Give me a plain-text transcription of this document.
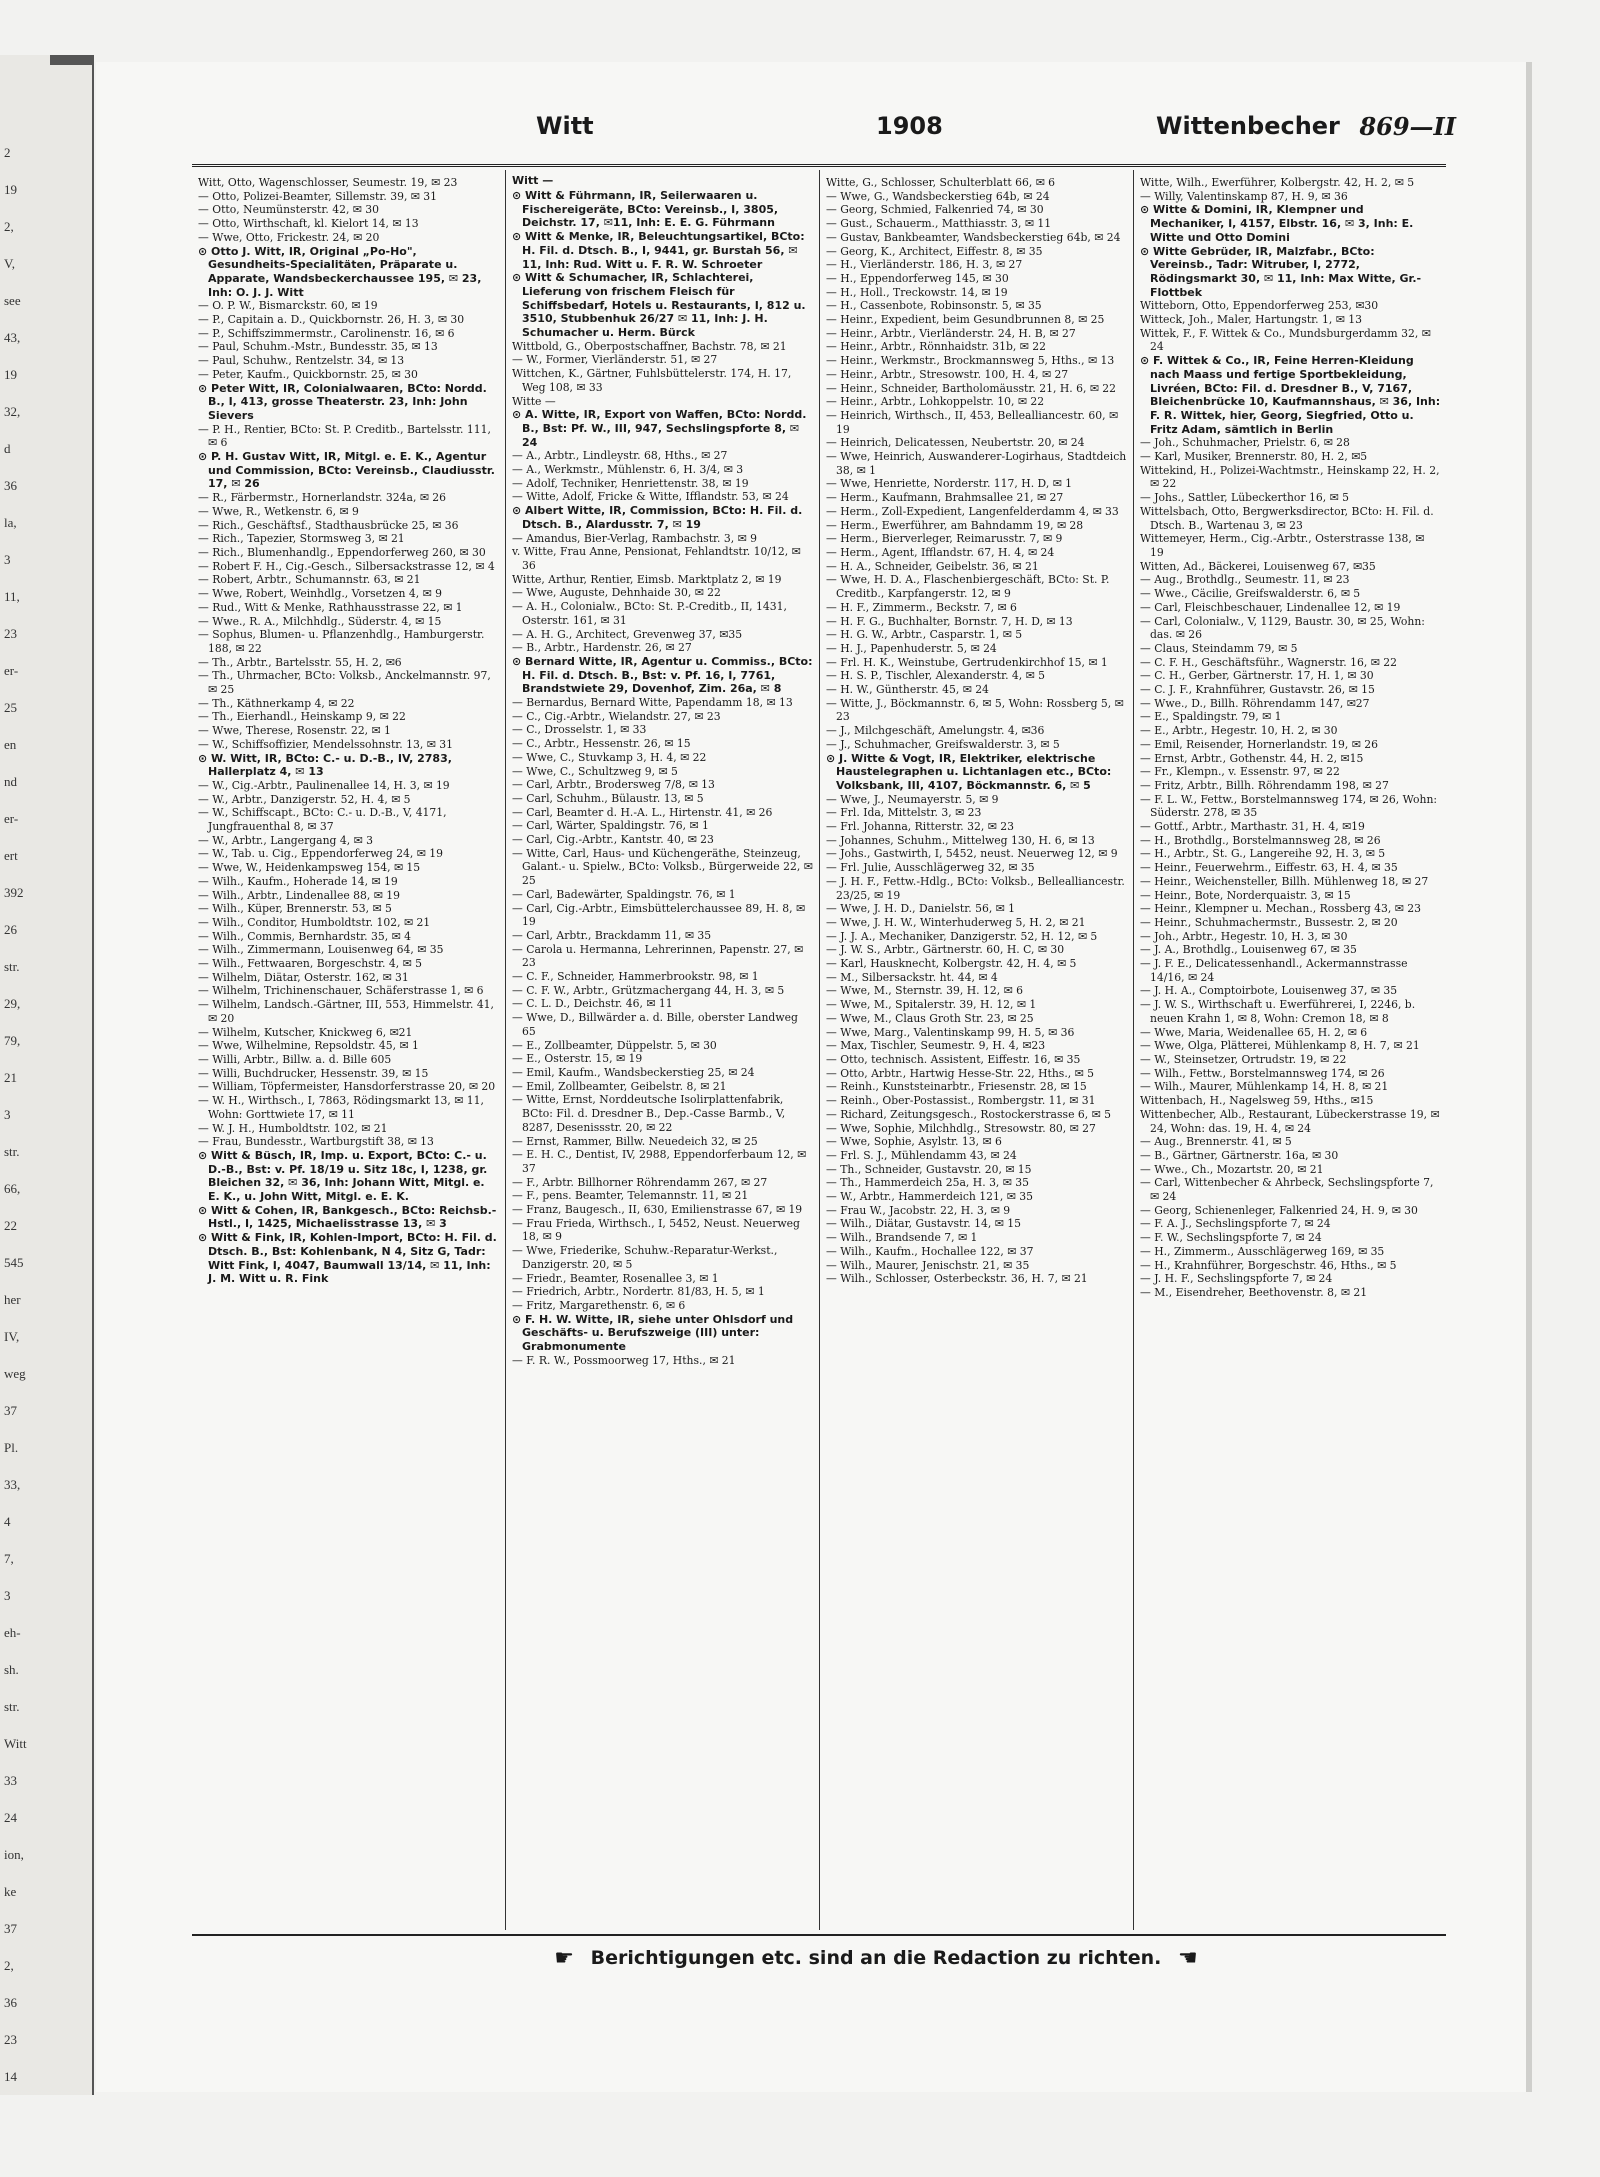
2
19
2,
V,
see
43,
19
32,
d
36
la,
3
11,
23
er-
25
en
nd
er-
ert
392
26
str.
29,
79,
21
3
str.
66,
22
545
her
IV,
weg
37
Pl.
33,
4
7,
3
eh-
sh.
str.
Witt
33
24
ion,
ke
37
2,
36
23
14
Witt	1908	Wittenbecher 869—II

Witt, Otto, Wagenschlosser, Seumestr. 19, ✉ 23

— Otto, Polizei-Beamter, Sillemstr. 39, ✉ 31

— Otto, Neumünsterstr. 42, ✉ 30

— Otto, Wirthschaft, kl. Kielort 14, ✉ 13

— Wwe, Otto, Frickestr. 24, ✉ 20

⊙ Otto J. Witt, IR, Original „Po-Ho", Gesundheits-Specialitäten, Präparate u. Apparate, Wandsbeckerchaussee 195, ✉ 23, Inh: O. J. J. Witt

— O. P. W., Bismarckstr. 60, ✉ 19

— P., Capitain a. D., Quickbornstr. 26, H. 3, ✉ 30

— P., Schiffszimmermstr., Carolinenstr. 16, ✉ 6

— Paul, Schuhm.-Mstr., Bundesstr. 35, ✉ 13

— Paul, Schuhw., Rentzelstr. 34, ✉ 13

— Peter, Kaufm., Quickbornstr. 25, ✉ 30

⊙ Peter Witt, IR, Colonialwaaren, BCto: Nordd. B., I, 413, grosse Theaterstr. 23, Inh: John Sievers

— P. H., Rentier, BCto: St. P. Creditb., Bartelsstr. 111, ✉ 6

⊙ P. H. Gustav Witt, IR, Mitgl. e. E. K., Agentur und Commission, BCto: Vereinsb., Claudiusstr. 17, ✉ 26

— R., Färbermstr., Hornerlandstr. 324a, ✉ 26

— Wwe, R., Wetkenstr. 6, ✉ 9

— Rich., Geschäftsf., Stadthausbrücke 25, ✉ 36

— Rich., Tapezier, Stormsweg 3, ✉ 21

— Rich., Blumenhandlg., Eppendorferweg 260, ✉ 30

— Robert F. H., Cig.-Gesch., Silbersackstrasse 12, ✉ 4

— Robert, Arbtr., Schumannstr. 63, ✉ 21

— Wwe, Robert, Weinhdlg., Vorsetzen 4, ✉ 9

— Rud., Witt & Menke, Rathhausstrasse 22, ✉ 1

— Wwe., R. A., Milchhdlg., Süderstr. 4, ✉ 15

— Sophus, Blumen- u. Pflanzenhdlg., Hamburgerstr. 188, ✉ 22

— Th., Arbtr., Bartelsstr. 55, H. 2, ✉6

— Th., Uhrmacher, BCto: Volksb., Anckelmannstr. 97, ✉ 25

— Th., Käthnerkamp 4, ✉ 22

— Th., Eierhandl., Heinskamp 9, ✉ 22

— Wwe, Therese, Rosenstr. 22, ✉ 1

— W., Schiffsoffizier, Mendelssohnstr. 13, ✉ 31

⊙ W. Witt, IR, BCto: C.- u. D.-B., IV, 2783, Hallerplatz 4, ✉ 13

— W., Cig.-Arbtr., Paulinenallee 14, H. 3, ✉ 19

— W., Arbtr., Danzigerstr. 52, H. 4, ✉ 5

— W., Schiffscapt., BCto: C.- u. D.-B., V, 4171, Jungfrauenthal 8, ✉ 37

— W., Arbtr., Langergang 4, ✉ 3

— W., Tab. u. Cig., Eppendorferweg 24, ✉ 19

— Wwe, W., Heidenkampsweg 154, ✉ 15

— Wilh., Kaufm., Hoherade 14, ✉ 19

— Wilh., Arbtr., Lindenallee 88, ✉ 19

— Wilh., Küper, Brennerstr. 53, ✉ 5

— Wilh., Conditor, Humboldtstr. 102, ✉ 21

— Wilh., Commis, Bernhardstr. 35, ✉ 4

— Wilh., Zimmermann, Louisenweg 64, ✉ 35

— Wilh., Fettwaaren, Borgeschstr. 4, ✉ 5

— Wilhelm, Diätar, Osterstr. 162, ✉ 31

— Wilhelm, Trichinenschauer, Schäferstrasse 1, ✉ 6

— Wilhelm, Landsch.-Gärtner, III, 553, Himmelstr. 41, ✉ 20

— Wilhelm, Kutscher, Knickweg 6, ✉21

— Wwe, Wilhelmine, Repsoldstr. 45, ✉ 1

— Willi, Arbtr., Billw. a. d. Bille 605

— Willi, Buchdrucker, Hessenstr. 39, ✉ 15

— William, Töpfermeister, Hansdorferstrasse 20, ✉ 20

— W. H., Wirthsch., I, 7863, Rödingsmarkt 13, ✉ 11, Wohn: Gorttwiete 17, ✉ 11

— W. J. H., Humboldtstr. 102, ✉ 21

— Frau, Bundesstr., Wartburgstift 38, ✉ 13

⊙ Witt & Büsch, IR, Imp. u. Export, BCto: C.- u. D.-B., Bst: v. Pf. 18/19 u. Sitz 18c, I, 1238, gr. Bleichen 32, ✉ 36, Inh: Johann Witt, Mitgl. e. E. K., u. John Witt, Mitgl. e. E. K.

⊙ Witt & Cohen, IR, Bankgesch., BCto: Reichsb.-Hstl., I, 1425, Michaelisstrasse 13, ✉ 3

⊙ Witt & Fink, IR, Kohlen-Import, BCto: H. Fil. d. Dtsch. B., Bst: Kohlenbank, N 4, Sitz G, Tadr: Witt Fink, I, 4047, Baumwall 13/14, ✉ 11, Inh: J. M. Witt u. R. Fink

Witt —

⊙ Witt & Führmann, IR, Seilerwaaren u. Fischereigeräte, BCto: Vereinsb., I, 3805, Deichstr. 17, ✉11, Inh: E. E. G. Führmann

⊙ Witt & Menke, IR, Beleuchtungsartikel, BCto: H. Fil. d. Dtsch. B., I, 9441, gr. Burstah 56, ✉ 11, Inh: Rud. Witt u. F. R. W. Schroeter

⊙ Witt & Schumacher, IR, Schlachterei, Lieferung von frischem Fleisch für Schiffsbedarf, Hotels u. Restaurants, I, 812 u. 3510, Stubbenhuk 26/27 ✉ 11, Inh: J. H. Schumacher u. Herm. Bürck

Wittbold, G., Oberpostschaffner, Bachstr. 78, ✉ 21

— W., Former, Vierländerstr. 51, ✉ 27

Wittchen, K., Gärtner, Fuhlsbüttelerstr. 174, H. 17, Weg 108, ✉ 33

Witte —

⊙ A. Witte, IR, Export von Waffen, BCto: Nordd. B., Bst: Pf. W., III, 947, Sechslingspforte 8, ✉ 24

— A., Arbtr., Lindleystr. 68, Hths., ✉ 27

— A., Werkmstr., Mühlenstr. 6, H. 3/4, ✉ 3

— Adolf, Techniker, Henriettenstr. 38, ✉ 19

— Witte, Adolf, Fricke & Witte, Ifflandstr. 53, ✉ 24

⊙ Albert Witte, IR, Commission, BCto: H. Fil. d. Dtsch. B., Alardusstr. 7, ✉ 19

— Amandus, Bier-Verlag, Rambachstr. 3, ✉ 9

v. Witte, Frau Anne, Pensionat, Fehlandtstr. 10/12, ✉ 36

Witte, Arthur, Rentier, Eimsb. Marktplatz 2, ✉ 19

— Wwe, Auguste, Dehnhaide 30, ✉ 22

— A. H., Colonialw., BCto: St. P.-Creditb., II, 1431, Osterstr. 161, ✉ 31

— A. H. G., Architect, Grevenweg 37, ✉35

— B., Arbtr., Hardenstr. 26, ✉ 27

⊙ Bernard Witte, IR, Agentur u. Commiss., BCto: H. Fil. d. Dtsch. B., Bst: v. Pf. 16, I, 7761, Brandstwiete 29, Dovenhof, Zim. 26a, ✉ 8

— Bernardus, Bernard Witte, Papendamm 18, ✉ 13

— C., Cig.-Arbtr., Wielandstr. 27, ✉ 23

— C., Drosselstr. 1, ✉ 33

— C., Arbtr., Hessenstr. 26, ✉ 15

— Wwe, C., Stuvkamp 3, H. 4, ✉ 22

— Wwe, C., Schultzweg 9, ✉ 5

— Carl, Arbtr., Brodersweg 7/8, ✉ 13

— Carl, Schuhm., Bülaustr. 13, ✉ 5

— Carl, Beamter d. H.-A. L., Hirtenstr. 41, ✉ 26

— Carl, Wärter, Spaldingstr. 76, ✉ 1

— Carl, Cig.-Arbtr., Kantstr. 40, ✉ 23

— Witte, Carl, Haus- und Küchengeräthe, Steinzeug, Galant.- u. Spielw., BCto: Volksb., Bürgerweide 22, ✉ 25

— Carl, Badewärter, Spaldingstr. 76, ✉ 1

— Carl, Cig.-Arbtr., Eimsbüttelerchaussee 89, H. 8, ✉ 19

— Carl, Arbtr., Brackdamm 11, ✉ 35

— Carola u. Hermanna, Lehrerinnen, Papenstr. 27, ✉ 23

— C. F., Schneider, Hammerbrookstr. 98, ✉ 1

— C. F. W., Arbtr., Grützmachergang 44, H. 3, ✉ 5

— C. L. D., Deichstr. 46, ✉ 11

— Wwe, D., Billwärder a. d. Bille, oberster Landweg 65

— E., Zollbeamter, Düppelstr. 5, ✉ 30

— E., Osterstr. 15, ✉ 19

— Emil, Kaufm., Wandsbeckerstieg 25, ✉ 24

— Emil, Zollbeamter, Geibelstr. 8, ✉ 21

— Witte, Ernst, Norddeutsche Isolirplattenfabrik, BCto: Fil. d. Dresdner B., Dep.-Casse Barmb., V, 8287, Desenissstr. 20, ✉ 22

— Ernst, Rammer, Billw. Neuedeich 32, ✉ 25

— E. H. C., Dentist, IV, 2988, Eppendorferbaum 12, ✉ 37

— F., Arbtr. Billhorner Röhrendamm 267, ✉ 27

— F., pens. Beamter, Telemannstr. 11, ✉ 21

— Franz, Baugesch., II, 630, Emilienstrasse 67, ✉ 19

— Frau Frieda, Wirthsch., I, 5452, Neust. Neuerweg 18, ✉ 9

— Wwe, Friederike, Schuhw.-Reparatur-Werkst., Danzigerstr. 20, ✉ 5

— Friedr., Beamter, Rosenallee 3, ✉ 1

— Friedrich, Arbtr., Nordertr. 81/83, H. 5, ✉ 1

— Fritz, Margarethenstr. 6, ✉ 6

⊙ F. H. W. Witte, IR, siehe unter Ohlsdorf und Geschäfts- u. Berufszweige (III) unter: Grabmonumente

— F. R. W., Possmoorweg 17, Hths., ✉ 21

Witte, G., Schlosser, Schulterblatt 66, ✉ 6

— Wwe, G., Wandsbeckerstieg 64b, ✉ 24

— Georg, Schmied, Falkenried 74, ✉ 30

— Gust., Schauerm., Matthiasstr. 3, ✉ 11

— Gustav, Bankbeamter, Wandsbeckerstieg 64b, ✉ 24

— Georg, K., Architect, Eiffestr. 8, ✉ 35

— H., Vierländerstr. 186, H. 3, ✉ 27

— H., Eppendorferweg 145, ✉ 30

— H., Holl., Treckowstr. 14, ✉ 19

— H., Cassenbote, Robinsonstr. 5, ✉ 35

— Heinr., Expedient, beim Gesundbrunnen 8, ✉ 25

— Heinr., Arbtr., Vierländerstr. 24, H. B, ✉ 27

— Heinr., Arbtr., Rönnhaidstr. 31b, ✉ 22

— Heinr., Werkmstr., Brockmannsweg 5, Hths., ✉ 13

— Heinr., Arbtr., Stresowstr. 100, H. 4, ✉ 27

— Heinr., Schneider, Bartholomäusstr. 21, H. 6, ✉ 22

— Heinr., Arbtr., Lohkoppelstr. 10, ✉ 22

— Heinrich, Wirthsch., II, 453, Bellealliancestr. 60, ✉ 19

— Heinrich, Delicatessen, Neubertstr. 20, ✉ 24

— Wwe, Heinrich, Auswanderer-Logirhaus, Stadtdeich 38, ✉ 1

— Wwe, Henriette, Norderstr. 117, H. D, ✉ 1

— Herm., Kaufmann, Brahmsallee 21, ✉ 27

— Herm., Zoll-Expedient, Langenfelderdamm 4, ✉ 33

— Herm., Ewerführer, am Bahndamm 19, ✉ 28

— Herm., Bierverleger, Reimarusstr. 7, ✉ 9

— Herm., Agent, Ifflandstr. 67, H. 4, ✉ 24

— H. A., Schneider, Geibelstr. 36, ✉ 21

— Wwe, H. D. A., Flaschenbiergeschäft, BCto: St. P. Creditb., Karpfangerstr. 12, ✉ 9

— H. F., Zimmerm., Beckstr. 7, ✉ 6

— H. F. G., Buchhalter, Bornstr. 7, H. D, ✉ 13

— H. G. W., Arbtr., Casparstr. 1, ✉ 5

— H. J., Papenhuderstr. 5, ✉ 24

— Frl. H. K., Weinstube, Gertrudenkirchhof 15, ✉ 1

— H. S. P., Tischler, Alexanderstr. 4, ✉ 5

— H. W., Güntherstr. 45, ✉ 24

— Witte, J., Böckmannstr. 6, ✉ 5, Wohn: Rossberg 5, ✉ 23

— J., Milchgeschäft, Amelungstr. 4, ✉36

— J., Schuhmacher, Greifswalderstr. 3, ✉ 5

⊙ J. Witte & Vogt, IR, Elektriker, elektrische Haustelegraphen u. Lichtanlagen etc., BCto: Volksbank, III, 4107, Böckmannstr. 6, ✉ 5

— Wwe, J., Neumayerstr. 5, ✉ 9

— Frl. Ida, Mittelstr. 3, ✉ 23

— Frl. Johanna, Ritterstr. 32, ✉ 23

— Johannes, Schuhm., Mittelweg 130, H. 6, ✉ 13

— Johs., Gastwirth, I, 5452, neust. Neuerweg 12, ✉ 9

— Frl. Julie, Ausschlägerweg 32, ✉ 35

— J. H. F., Fettw.-Hdlg., BCto: Volksb., Bellealliancestr. 23/25, ✉ 19

— Wwe, J. H. D., Danielstr. 56, ✉ 1

— Wwe, J. H. W., Winterhuderweg 5, H. 2, ✉ 21

— J. J. A., Mechaniker, Danzigerstr. 52, H. 12, ✉ 5

— J. W. S., Arbtr., Gärtnerstr. 60, H. C, ✉ 30

— Karl, Hausknecht, Kolbergstr. 42, H. 4, ✉ 5

— M., Silbersackstr. ht. 44, ✉ 4

— Wwe, M., Sternstr. 39, H. 12, ✉ 6

— Wwe, M., Spitalerstr. 39, H. 12, ✉ 1

— Wwe, M., Claus Groth Str. 23, ✉ 25

— Wwe, Marg., Valentinskamp 99, H. 5, ✉ 36

— Max, Tischler, Seumestr. 9, H. 4, ✉23

— Otto, technisch. Assistent, Eiffestr. 16, ✉ 35

— Otto, Arbtr., Hartwig Hesse-Str. 22, Hths., ✉ 5

— Reinh., Kunststeinarbtr., Friesenstr. 28, ✉ 15

— Reinh., Ober-Postassist., Rombergstr. 11, ✉ 31

— Richard, Zeitungsgesch., Rostockerstrasse 6, ✉ 5

— Wwe, Sophie, Milchhdlg., Stresowstr. 80, ✉ 27

— Wwe, Sophie, Asylstr. 13, ✉ 6

— Frl. S. J., Mühlendamm 43, ✉ 24

— Th., Schneider, Gustavstr. 20, ✉ 15

— Th., Hammerdeich 25a, H. 3, ✉ 35

— W., Arbtr., Hammerdeich 121, ✉ 35

— Frau W., Jacobstr. 22, H. 3, ✉ 9

— Wilh., Diätar, Gustavstr. 14, ✉ 15

— Wilh., Brandsende 7, ✉ 1

— Wilh., Kaufm., Hochallee 122, ✉ 37

— Wilh., Maurer, Jenischstr. 21, ✉ 35

— Wilh., Schlosser, Osterbeckstr. 36, H. 7, ✉ 21

Witte, Wilh., Ewerführer, Kolbergstr. 42, H. 2, ✉ 5

— Willy, Valentinskamp 87, H. 9, ✉ 36

⊙ Witte & Domini, IR, Klempner und Mechaniker, I, 4157, Elbstr. 16, ✉ 3, Inh: E. Witte und Otto Domini

⊙ Witte Gebrüder, IR, Malzfabr., BCto: Vereinsb., Tadr: Witruber, I, 2772, Rödingsmarkt 30, ✉ 11, Inh: Max Witte, Gr.-Flottbek

Witteborn, Otto, Eppendorferweg 253, ✉30

Witteck, Joh., Maler, Hartungstr. 1, ✉ 13

Wittek, F., F. Wittek & Co., Mundsburgerdamm 32, ✉ 24

⊙ F. Wittek & Co., IR, Feine Herren-Kleidung nach Maass und fertige Sportbekleidung, Livréen, BCto: Fil. d. Dresdner B., V, 7167, Bleichenbrücke 10, Kaufmannshaus, ✉ 36, Inh: F. R. Wittek, hier, Georg, Siegfried, Otto u. Fritz Adam, sämtlich in Berlin

— Joh., Schuhmacher, Prielstr. 6, ✉ 28

— Karl, Musiker, Brennerstr. 80, H. 2, ✉5

Wittekind, H., Polizei-Wachtmstr., Heinskamp 22, H. 2, ✉ 22

— Johs., Sattler, Lübeckerthor 16, ✉ 5

Wittelsbach, Otto, Bergwerksdirector, BCto: H. Fil. d. Dtsch. B., Wartenau 3, ✉ 23

Wittemeyer, Herm., Cig.-Arbtr., Osterstrasse 138, ✉ 19

Witten, Ad., Bäckerei, Louisenweg 67, ✉35

— Aug., Brothdlg., Seumestr. 11, ✉ 23

— Wwe., Cäcilie, Greifswalderstr. 6, ✉ 5

— Carl, Fleischbeschauer, Lindenallee 12, ✉ 19

— Carl, Colonialw., V, 1129, Baustr. 30, ✉ 25, Wohn: das. ✉ 26

— Claus, Steindamm 79, ✉ 5

— C. F. H., Geschäftsführ., Wagnerstr. 16, ✉ 22

— C. H., Gerber, Gärtnerstr. 17, H. 1, ✉ 30

— C. J. F., Krahnführer, Gustavstr. 26, ✉ 15

— Wwe., D., Billh. Röhrendamm 147, ✉27

— E., Spaldingstr. 79, ✉ 1

— E., Arbtr., Hegestr. 10, H. 2, ✉ 30

— Emil, Reisender, Hornerlandstr. 19, ✉ 26

— Ernst, Arbtr., Gothenstr. 44, H. 2, ✉15

— Fr., Klempn., v. Essenstr. 97, ✉ 22

— Fritz, Arbtr., Billh. Röhrendamm 198, ✉ 27

— F. L. W., Fettw., Borstelmannsweg 174, ✉ 26, Wohn: Süderstr. 278, ✉ 35

— Gottf., Arbtr., Marthastr. 31, H. 4, ✉19

— H., Brothdlg., Borstelmannsweg 28, ✉ 26

— H., Arbtr., St. G., Langereihe 92, H. 3, ✉ 5

— Heinr., Feuerwehrm., Eiffestr. 63, H. 4, ✉ 35

— Heinr., Weichensteller, Billh. Mühlenweg 18, ✉ 27

— Heinr., Bote, Norderquaistr. 3, ✉ 15

— Heinr., Klempner u. Mechan., Rossberg 43, ✉ 23

— Heinr., Schuhmachermstr., Bussestr. 2, ✉ 20

— Joh., Arbtr., Hegestr. 10, H. 3, ✉ 30

— J. A., Brothdlg., Louisenweg 67, ✉ 35

— J. F. E., Delicatessenhandl., Ackermannstrasse 14/16, ✉ 24

— J. H. A., Comptoirbote, Louisenweg 37, ✉ 35

— J. W. S., Wirthschaft u. Ewerführerei, I, 2246, b. neuen Krahn 1, ✉ 8, Wohn: Cremon 18, ✉ 8

— Wwe, Maria, Weidenallee 65, H. 2, ✉ 6

— Wwe, Olga, Plätterei, Mühlenkamp 8, H. 7, ✉ 21

— W., Steinsetzer, Ortrudstr. 19, ✉ 22

— Wilh., Fettw., Borstelmannsweg 174, ✉ 26

— Wilh., Maurer, Mühlenkamp 14, H. 8, ✉ 21

Wittenbach, H., Nagelsweg 59, Hths., ✉15

Wittenbecher, Alb., Restaurant, Lübeckerstrasse 19, ✉ 24, Wohn: das. 19, H. 4, ✉ 24

— Aug., Brennerstr. 41, ✉ 5

— B., Gärtner, Gärtnerstr. 16a, ✉ 30

— Wwe., Ch., Mozartstr. 20, ✉ 21

— Carl, Wittenbecher & Ahrbeck, Sechslingspforte 7, ✉ 24

— Georg, Schienenleger, Falkenried 24, H. 9, ✉ 30

— F. A. J., Sechslingspforte 7, ✉ 24

— F. W., Sechslingspforte 7, ✉ 24

— H., Zimmerm., Ausschlägerweg 169, ✉ 35

— H., Krahnführer, Borgeschstr. 46, Hths., ✉ 5

— J. H. F., Sechslingspforte 7, ✉ 24

— M., Eisendreher, Beethovenstr. 8, ✉ 21

☛ Berichtigungen etc. sind an die Redaction zu richten. ☚
